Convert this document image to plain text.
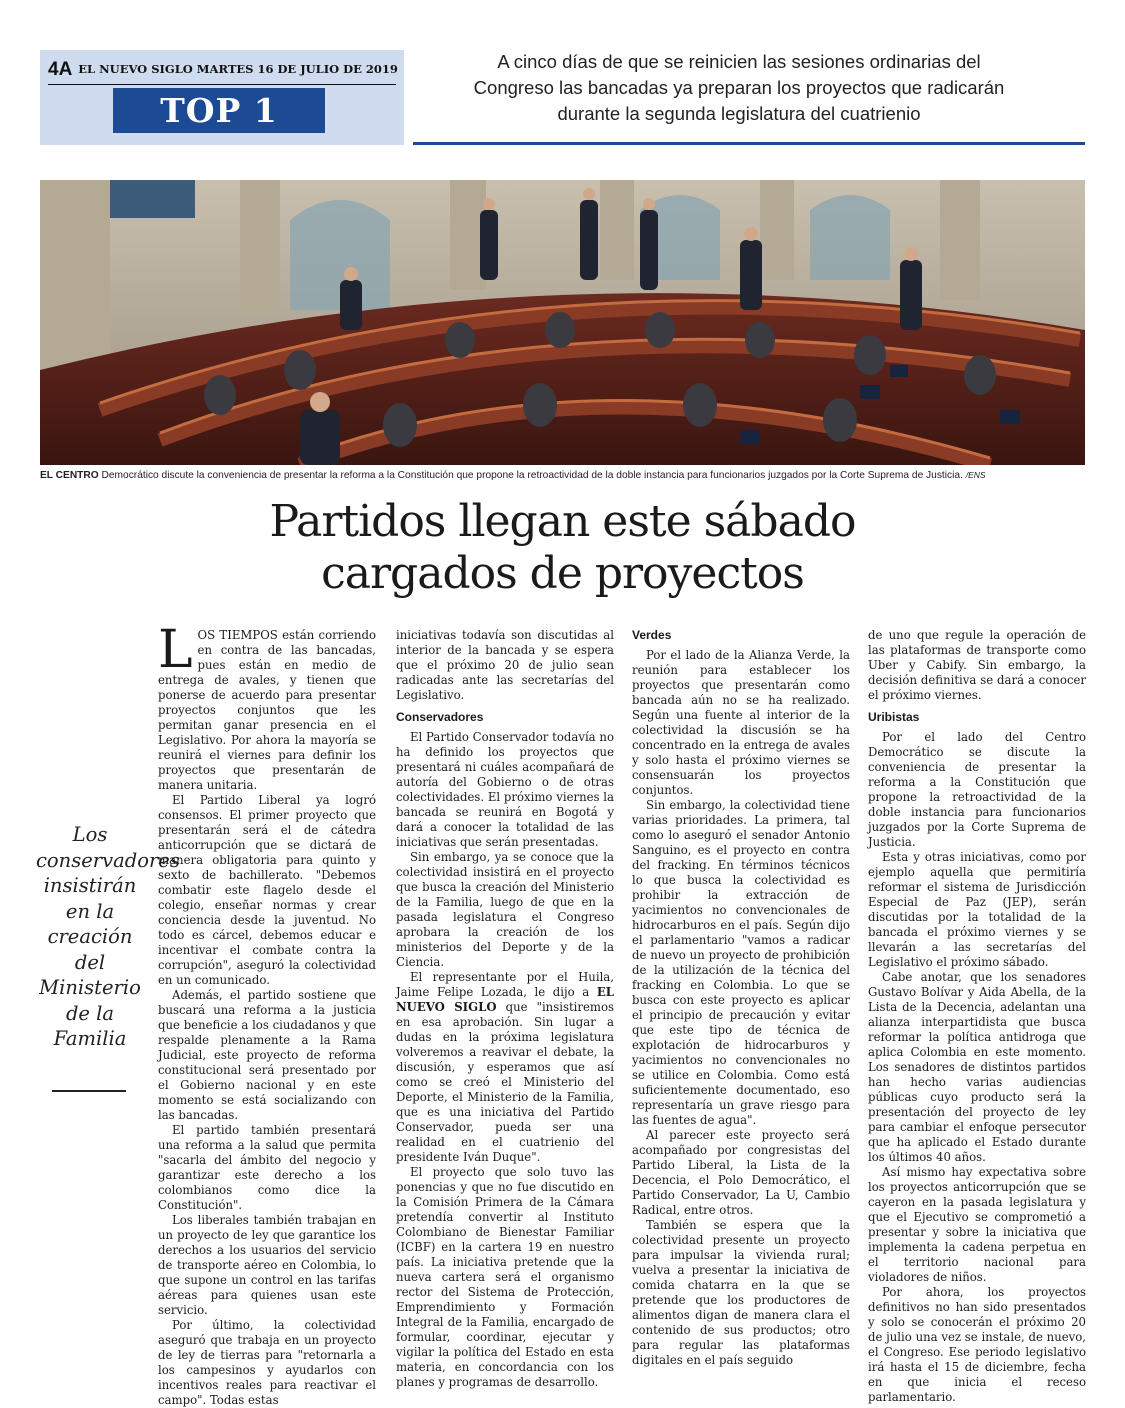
4A EL NUEVO SIGLO MARTES 16 DE JULIO DE 2019
TOP 1
A cinco días de que se reinicien las sesiones ordinarias del
Congreso las bancadas ya preparan los proyectos que radicarán
durante la segunda legislatura del cuatrienio
EL CENTRO Democrático discute la conveniencia de presentar la reforma a la Constitución que propone la retroactividad de la doble instancia para funcionarios juzgados por la Corte Suprema de Justicia. /ENS
Partidos llegan este sábado
cargados de proyectos
Los conservadores insistirán en la creación del Ministerio de la Familia

LOS TIEMPOS están corriendo en contra de las bancadas, pues están en medio de entrega de avales, y tienen que ponerse de acuerdo para presentar proyectos conjuntos que les permitan ganar presencia en el Legislativo. Por ahora la mayoría se reunirá el viernes para definir los proyectos que presentarán de manera unitaria.

El Partido Liberal ya logró consensos. El primer proyecto que presentarán será el de cátedra anticorrupción que se dictará de manera obligatoria para quinto y sexto de bachillerato. "Debemos combatir este flagelo desde el colegio, enseñar normas y crear conciencia desde la juventud. No todo es cárcel, debemos educar e incentivar el combate contra la corrupción", aseguró la colectividad en un comunicado.

Además, el partido sostiene que buscará una reforma a la justicia que beneficie a los ciudadanos y que respalde plenamente a la Rama Judicial, este proyecto de reforma constitucional será presentado por el Gobierno nacional y en este momento se está socializando con las bancadas.

El partido también presentará una reforma a la salud que permita "sacarla del ámbito del negocio y garantizar este derecho a los colombianos como dice la Constitución".

Los liberales también trabajan en un proyecto de ley que garantice los derechos a los usuarios del servicio de transporte aéreo en Colombia, lo que supone un control en las tarifas aéreas para quienes usan este servicio.

Por último, la colectividad aseguró que trabaja en un proyecto de ley de tierras para "retornarla a los campesinos y ayudarlos con incentivos reales para reactivar el campo". Todas estas

iniciativas todavía son discutidas al interior de la bancada y se espera que el próximo 20 de julio sean radicadas ante las secretarías del Legislativo.

Conservadores

El Partido Conservador todavía no ha definido los proyectos que presentará ni cuáles acompañará de autoría del Gobierno o de otras colectividades. El próximo viernes la bancada se reunirá en Bogotá y dará a conocer la totalidad de las iniciativas que serán presentadas.

Sin embargo, ya se conoce que la colectividad insistirá en el proyecto que busca la creación del Ministerio de la Familia, luego de que en la pasada legislatura el Congreso aprobara la creación de los ministerios del Deporte y de la Ciencia.

El representante por el Huila, Jaime Felipe Lozada, le dijo a EL NUEVO SIGLO que "insistiremos en esa aprobación. Sin lugar a dudas en la próxima legislatura volveremos a reavivar el debate, la discusión, y esperamos que así como se creó el Ministerio del Deporte, el Ministerio de la Familia, que es una iniciativa del Partido Conservador, pueda ser una realidad en el cuatrienio del presidente Iván Duque".

El proyecto que solo tuvo las ponencias y que no fue discutido en la Comisión Primera de la Cámara pretendía convertir al Instituto Colombiano de Bienestar Familiar (ICBF) en la cartera 19 en nuestro país. La iniciativa pretende que la nueva cartera será el organismo rector del Sistema de Protección, Emprendimiento y Formación Integral de la Familia, encargado de formular, coordinar, ejecutar y vigilar la política del Estado en esta materia, en concordancia con los planes y programas de desarrollo.

Verdes

Por el lado de la Alianza Verde, la reunión para establecer los proyectos que presentarán como bancada aún no se ha realizado. Según una fuente al interior de la colectividad la discusión se ha concentrado en la entrega de avales y solo hasta el próximo viernes se consensuarán los proyectos conjuntos.

Sin embargo, la colectividad tiene varias prioridades. La primera, tal como lo aseguró el senador Antonio Sanguino, es el proyecto en contra del fracking. En términos técnicos lo que busca la colectividad es prohibir la extracción de yacimientos no convencionales de hidrocarburos en el país. Según dijo el parlamentario "vamos a radicar de nuevo un proyecto de prohibición de la utilización de la técnica del fracking en Colombia. Lo que se busca con este proyecto es aplicar el principio de precaución y evitar que este tipo de técnica de explotación de hidrocarburos y yacimientos no convencionales no se utilice en Colombia. Como está suficientemente documentado, eso representaría un grave riesgo para las fuentes de agua".

Al parecer este proyecto será acompañado por congresistas del Partido Liberal, la Lista de la Decencia, el Polo Democrático, el Partido Conservador, La U, Cambio Radical, entre otros.

También se espera que la colectividad presente un proyecto para impulsar la vivienda rural; vuelva a presentar la iniciativa de comida chatarra en la que se pretende que los productores de alimentos digan de manera clara el contenido de sus productos; otro para regular las plataformas digitales en el país seguido

de uno que regule la operación de las plataformas de transporte como Uber y Cabify. Sin embargo, la decisión definitiva se dará a conocer el próximo viernes.

Uribistas

Por el lado del Centro Democrático se discute la conveniencia de presentar la reforma a la Constitución que propone la retroactividad de la doble instancia para funcionarios juzgados por la Corte Suprema de Justicia.

Esta y otras iniciativas, como por ejemplo aquella que permitiría reformar el sistema de Jurisdicción Especial de Paz (JEP), serán discutidas por la totalidad de la bancada el próximo viernes y se llevarán a las secretarías del Legislativo el próximo sábado.

Cabe anotar, que los senadores Gustavo Bolívar y Aida Abella, de la Lista de la Decencia, adelantan una alianza interpartidista que busca reformar la política antidroga que aplica Colombia en este momento. Los senadores de distintos partidos han hecho varias audiencias públicas cuyo producto será la presentación del proyecto de ley para cambiar el enfoque persecutor que ha aplicado el Estado durante los últimos 40 años.

Así mismo hay expectativa sobre los proyectos anticorrupción que se cayeron en la pasada legislatura y que el Ejecutivo se comprometió a presentar y sobre la iniciativa que implementa la cadena perpetua en el territorio nacional para violadores de niños.

Por ahora, los proyectos definitivos no han sido presentados y solo se conocerán el próximo 20 de julio una vez se instale, de nuevo, el Congreso. Ese periodo legislativo irá hasta el 15 de diciembre, fecha en que inicia el receso parlamentario.
